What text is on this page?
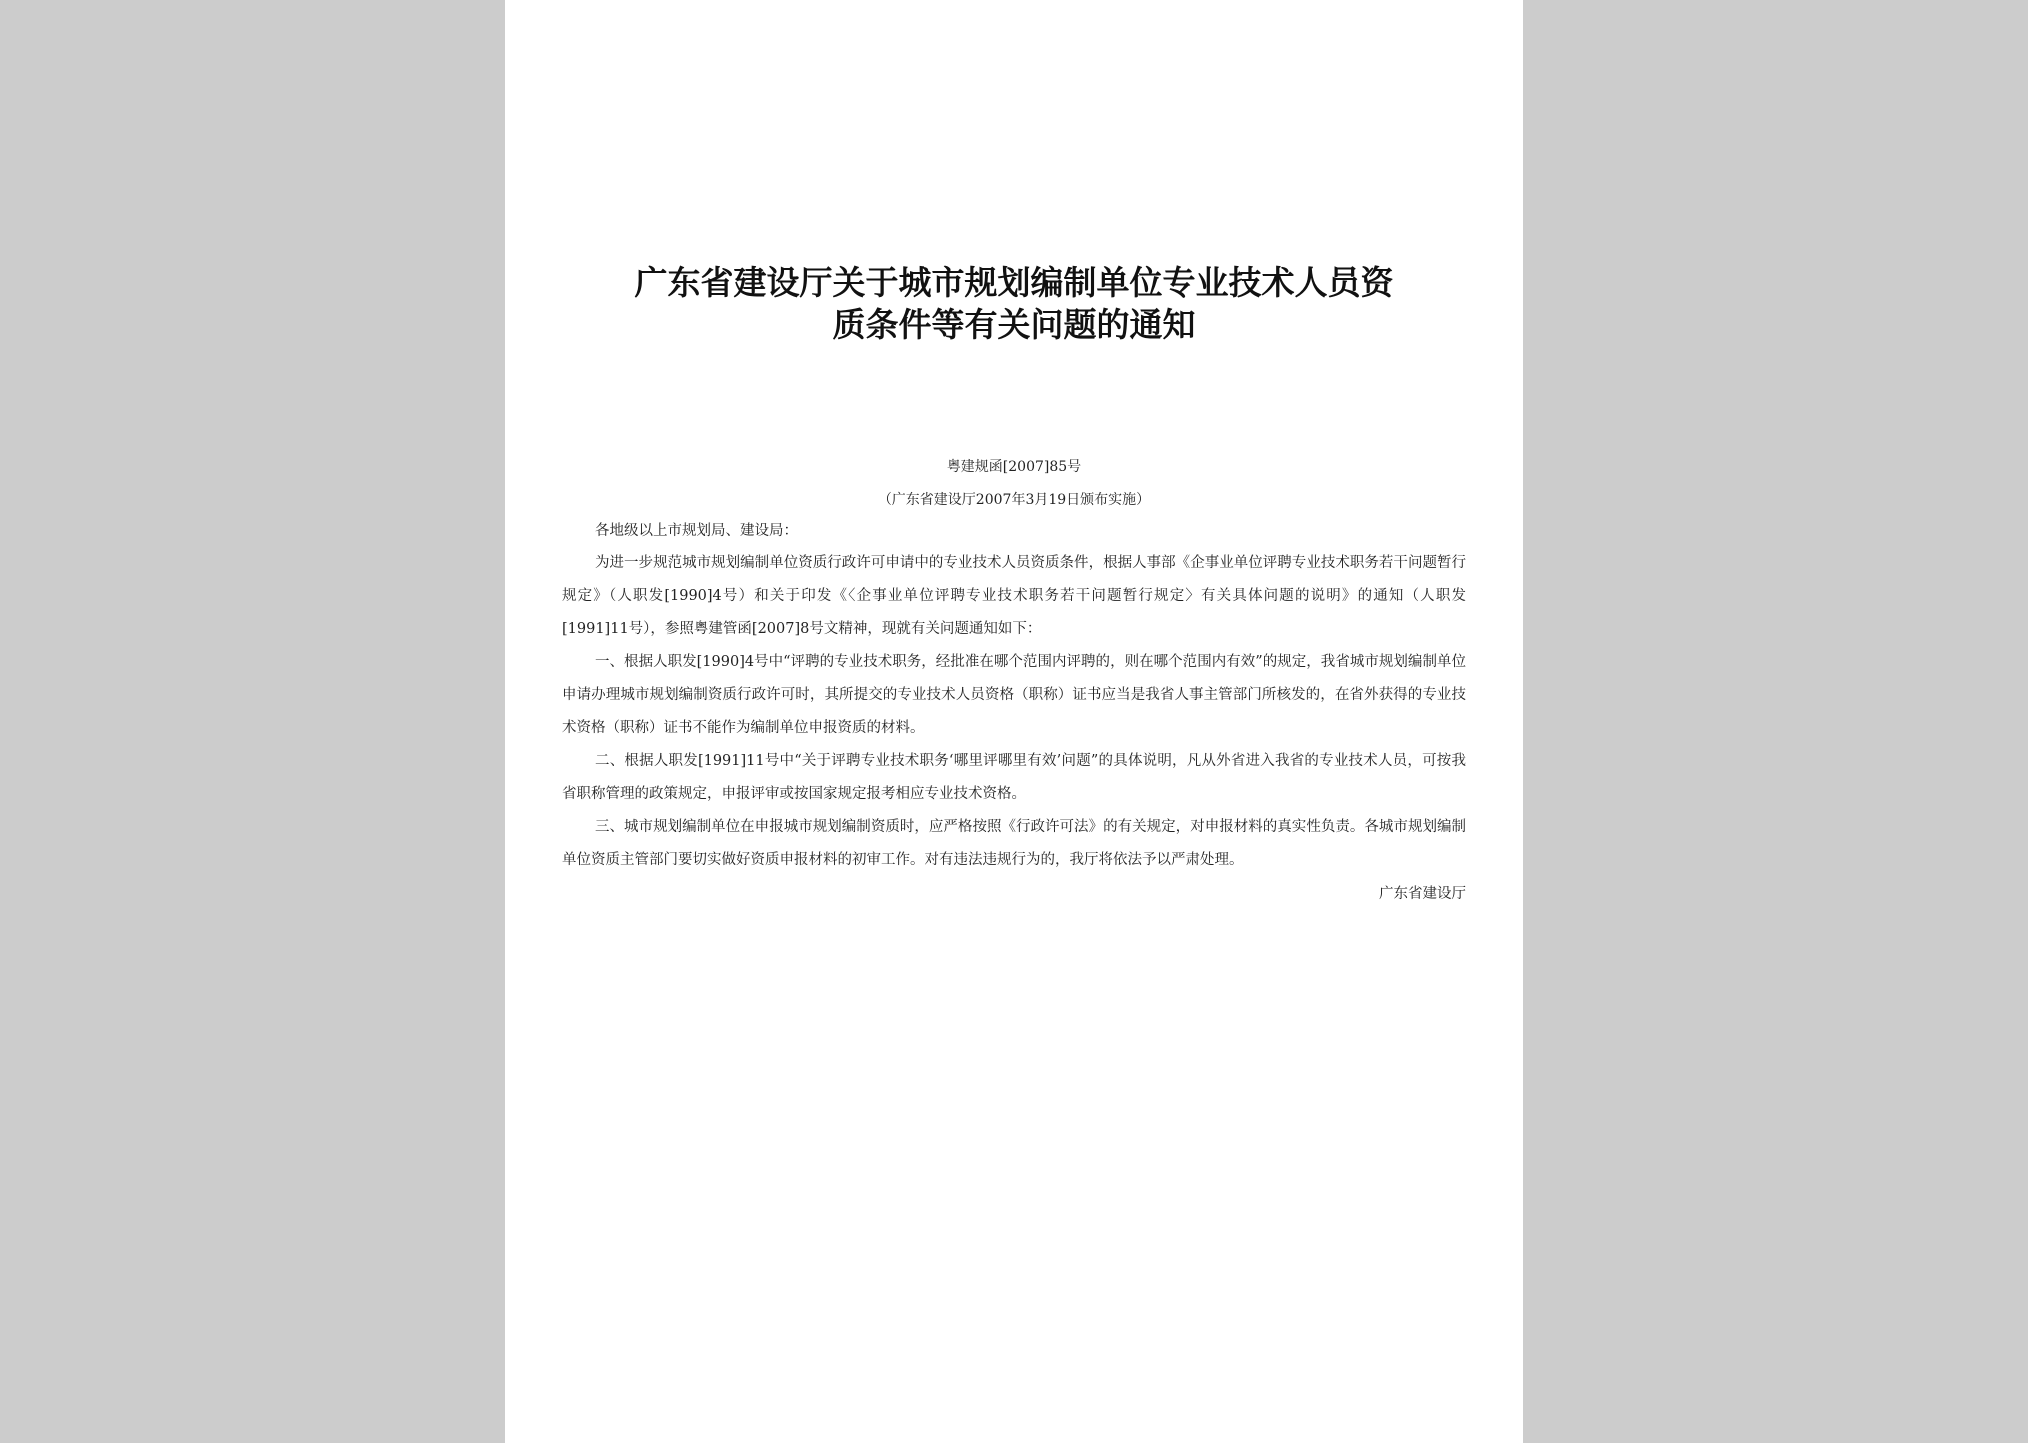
广东省建设厅关于城市规划编制单位专业技术人员资
质条件等有关问题的通知
粤建规函[2007]85号
（广东省建设厅2007年3月19日颁布实施）
各地级以上市规划局、建设局：

为进一步规范城市规划编制单位资质行政许可申请中的专业技术人员资质条件，根据人事部《企事业单位评聘专业技术职务若干问题暂行规定》（人职发[1990]4号）和关于印发《〈企事业单位评聘专业技术职务若干问题暂行规定〉有关具体问题的说明》的通知（人职发[1991]11号），参照粤建管函[2007]8号文精神，现就有关问题通知如下：

一、根据人职发[1990]4号中“评聘的专业技术职务，经批准在哪个范围内评聘的，则在哪个范围内有效”的规定，我省城市规划编制单位申请办理城市规划编制资质行政许可时，其所提交的专业技术人员资格（职称）证书应当是我省人事主管部门所核发的，在省外获得的专业技术资格（职称）证书不能作为编制单位申报资质的材料。

二、根据人职发[1991]11号中“关于评聘专业技术职务‘哪里评哪里有效’问题”的具体说明，凡从外省进入我省的专业技术人员，可按我省职称管理的政策规定，申报评审或按国家规定报考相应专业技术资格。

三、城市规划编制单位在申报城市规划编制资质时，应严格按照《行政许可法》的有关规定，对申报材料的真实性负责。各城市规划编制单位资质主管部门要切实做好资质申报材料的初审工作。对有违法违规行为的，我厅将依法予以严肃处理。

广东省建设厅
